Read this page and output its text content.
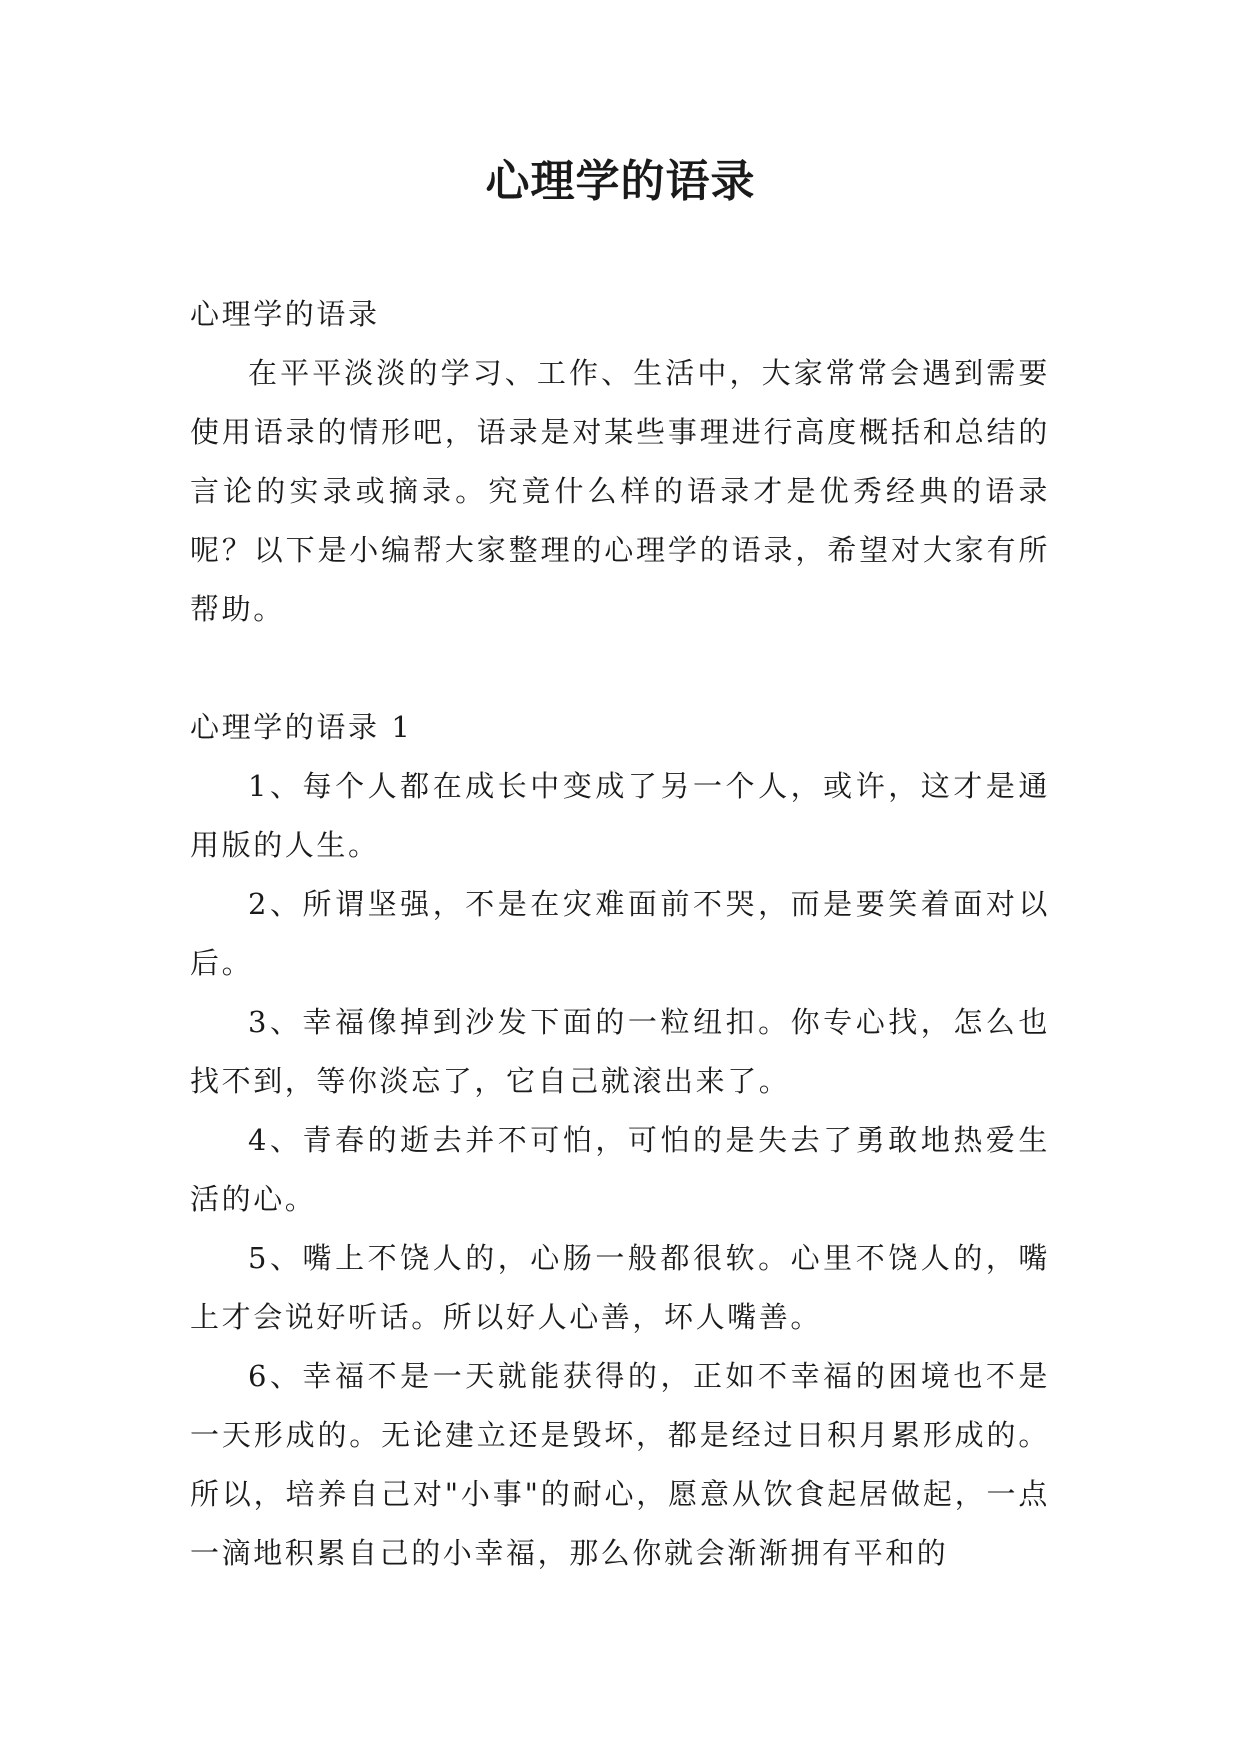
心理学的语录

心理学的语录

在平平淡淡的学习、工作、生活中，大家常常会遇到需要使用语录的情形吧，语录是对某些事理进行高度概括和总结的言论的实录或摘录。究竟什么样的语录才是优秀经典的语录呢？以下是小编帮大家整理的心理学的语录，希望对大家有所帮助。

心理学的语录 1

1、每个人都在成长中变成了另一个人，或许，这才是通用版的人生。

2、所谓坚强，不是在灾难面前不哭，而是要笑着面对以后。

3、幸福像掉到沙发下面的一粒纽扣。你专心找，怎么也找不到，等你淡忘了，它自己就滚出来了。

4、青春的逝去并不可怕，可怕的是失去了勇敢地热爱生活的心。

5、嘴上不饶人的，心肠一般都很软。心里不饶人的，嘴上才会说好听话。所以好人心善，坏人嘴善。

6、幸福不是一天就能获得的，正如不幸福的困境也不是一天形成的。无论建立还是毁坏，都是经过日积月累形成的。所以，培养自己对"小事"的耐心，愿意从饮食起居做起，一点一滴地积累自己的小幸福，那么你就会渐渐拥有平和的
